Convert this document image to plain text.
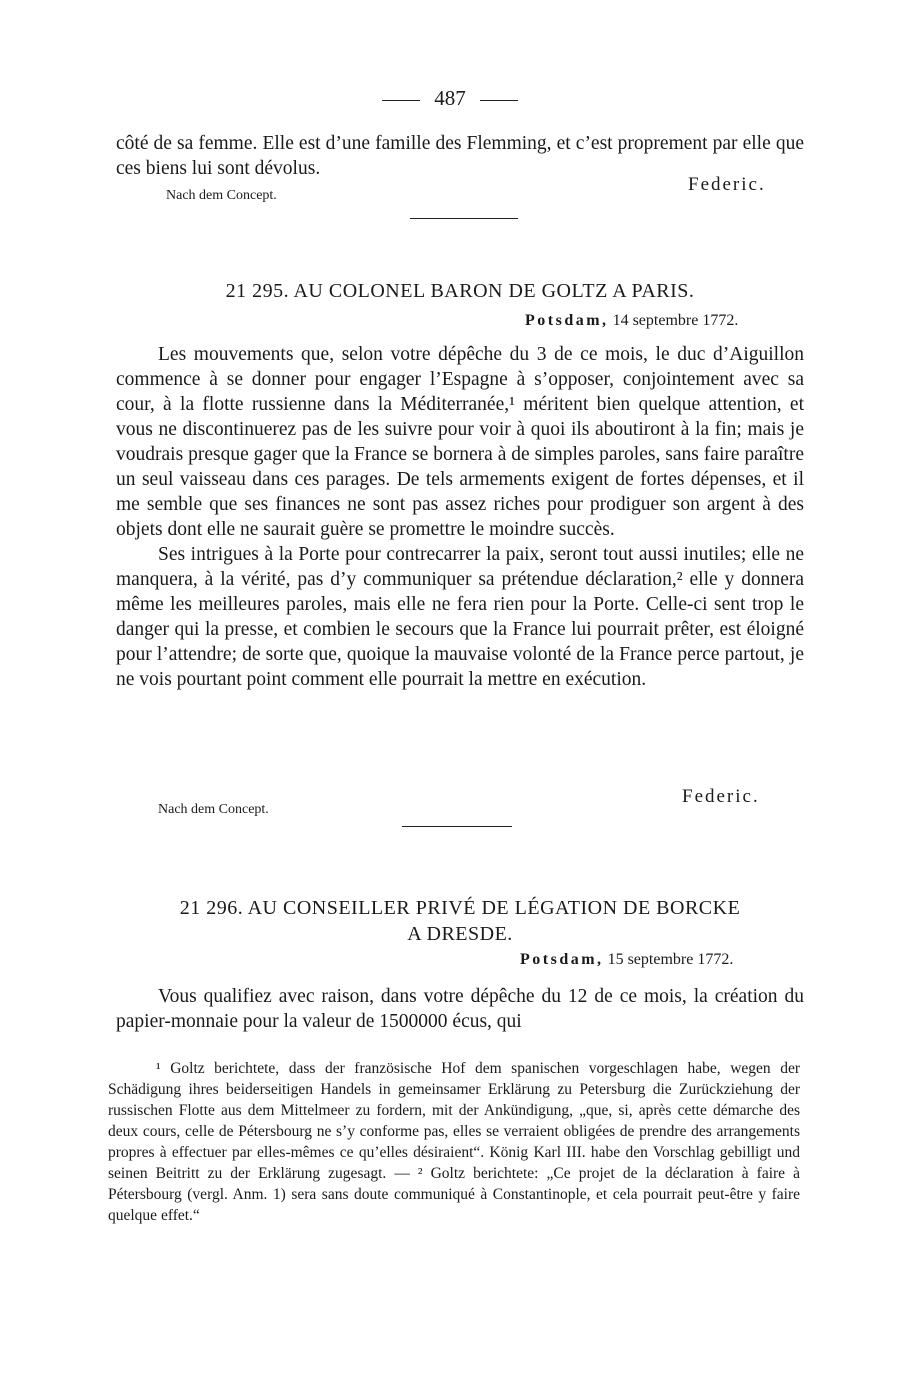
487

côté de sa femme. Elle est d’une famille des Flemming, et c’est proprement par elle que ces biens lui sont dévolus.

Federic.
Nach dem Concept.
21 295. AU COLONEL BARON DE GOLTZ A PARIS.
Potsdam, 14 septembre 1772.

Les mouvements que, selon votre dépêche du 3 de ce mois, le duc d’Aiguillon commence à se donner pour engager l’Espagne à s’opposer, conjointement avec sa cour, à la flotte russienne dans la Méditerranée,¹ méritent bien quelque attention, et vous ne discontinuerez pas de les suivre pour voir à quoi ils aboutiront à la fin; mais je voudrais presque gager que la France se bornera à de simples paroles, sans faire paraître un seul vaisseau dans ces parages. De tels armements exigent de fortes dépenses, et il me semble que ses finances ne sont pas assez riches pour prodiguer son argent à des objets dont elle ne saurait guère se promettre le moindre succès.

Ses intrigues à la Porte pour contrecarrer la paix, seront tout aussi inutiles; elle ne manquera, à la vérité, pas d’y communiquer sa prétendue déclaration,² elle y donnera même les meilleures paroles, mais elle ne fera rien pour la Porte. Celle-ci sent trop le danger qui la presse, et combien le secours que la France lui pourrait prêter, est éloigné pour l’attendre; de sorte que, quoique la mauvaise volonté de la France perce partout, je ne vois pourtant point comment elle pourrait la mettre en exécution.

Federic.
Nach dem Concept.
21 296. AU CONSEILLER PRIVÉ DE LÉGATION DE BORCKE
A DRESDE.
Potsdam, 15 septembre 1772.

Vous qualifiez avec raison, dans votre dépêche du 12 de ce mois, la création du papier-monnaie pour la valeur de 1500000 écus, qui

¹ Goltz berichtete, dass der französische Hof dem spanischen vorgeschlagen habe, wegen der Schädigung ihres beiderseitigen Handels in gemeinsamer Erklärung zu Petersburg die Zurückziehung der russischen Flotte aus dem Mittelmeer zu fordern, mit der Ankündigung, „que, si, après cette démarche des deux cours, celle de Pétersbourg ne s’y conforme pas, elles se verraient obligées de prendre des arrangements propres à effectuer par elles-mêmes ce qu’elles désiraient“. König Karl III. habe den Vorschlag gebilligt und seinen Beitritt zu der Erklärung zugesagt. — ² Goltz berichtete: „Ce projet de la déclaration à faire à Pétersbourg (vergl. Anm. 1) sera sans doute communiqué à Constantinople, et cela pourrait peut-être y faire quelque effet.“
